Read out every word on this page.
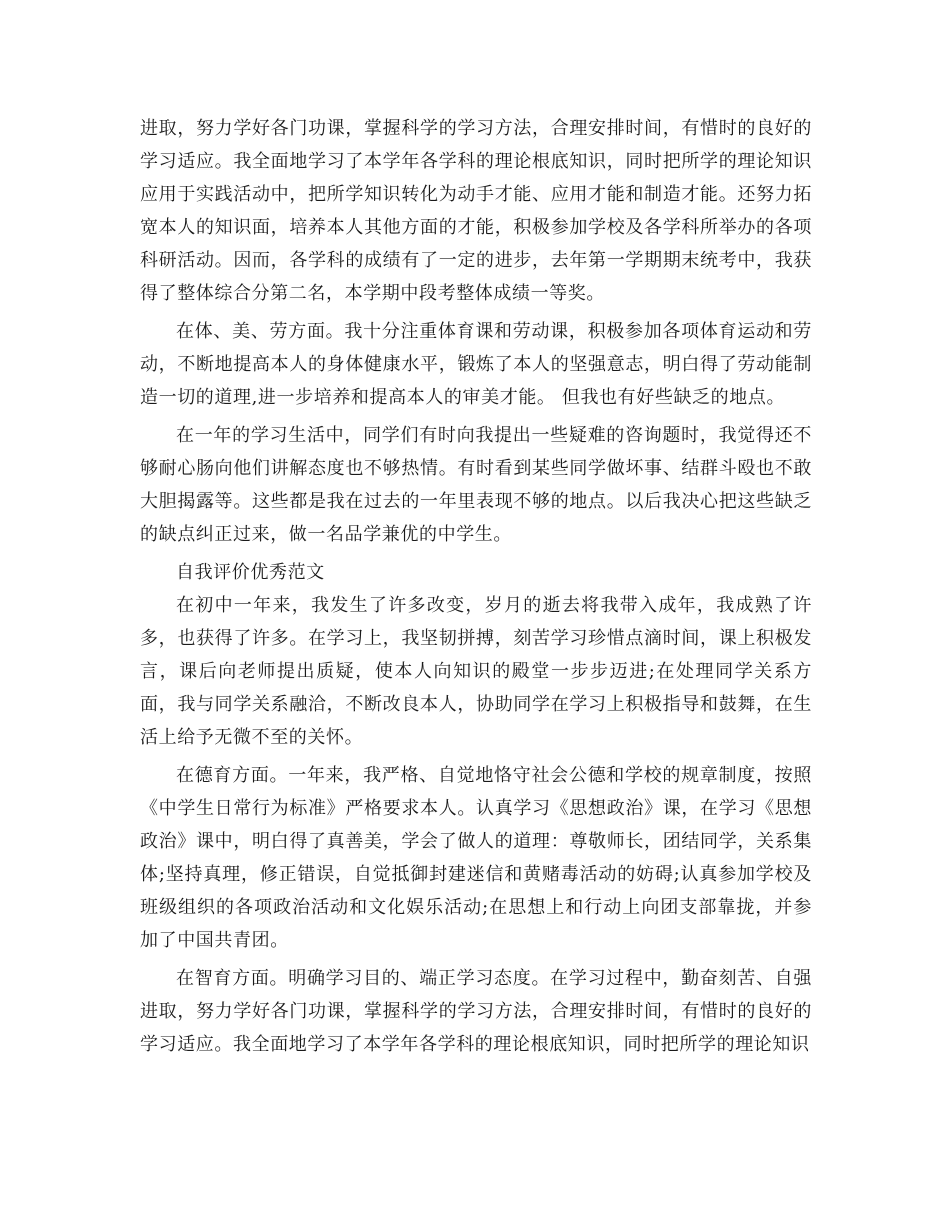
进取，努力学好各门功课，掌握科学的学习方法，合理安排时间，有惜时的良好的学习适应。我全面地学习了本学年各学科的理论根底知识，同时把所学的理论知识应用于实践活动中，把所学知识转化为动手才能、应用才能和制造才能。还努力拓宽本人的知识面，培养本人其他方面的才能，积极参加学校及各学科所举办的各项科研活动。因而，各学科的成绩有了一定的进步，去年第一学期期末统考中，我获得了整体综合分第二名，本学期中段考整体成绩一等奖。

在体、美、劳方面。我十分注重体育课和劳动课，积极参加各项体育运动和劳动，不断地提高本人的身体健康水平，锻炼了本人的坚强意志，明白得了劳动能制造一切的道理,进一步培养和提高本人的审美才能。 但我也有好些缺乏的地点。

在一年的学习生活中，同学们有时向我提出一些疑难的咨询题时，我觉得还不够耐心肠向他们讲解态度也不够热情。有时看到某些同学做坏事、结群斗殴也不敢大胆揭露等。这些都是我在过去的一年里表现不够的地点。以后我决心把这些缺乏的缺点纠正过来，做一名品学兼优的中学生。

自我评价优秀范文

在初中一年来，我发生了许多改变，岁月的逝去将我带入成年，我成熟了许多，也获得了许多。在学习上，我坚韧拼搏，刻苦学习珍惜点滴时间，课上积极发言，课后向老师提出质疑，使本人向知识的殿堂一步步迈进;在处理同学关系方面，我与同学关系融洽，不断改良本人，协助同学在学习上积极指导和鼓舞，在生活上给予无微不至的关怀。

在德育方面。一年来，我严格、自觉地恪守社会公德和学校的规章制度，按照《中学生日常行为标准》严格要求本人。认真学习《思想政治》课，在学习《思想政治》课中，明白得了真善美，学会了做人的道理：尊敬师长，团结同学，关系集体;坚持真理，修正错误，自觉抵御封建迷信和黄赌毒活动的妨碍;认真参加学校及班级组织的各项政治活动和文化娱乐活动;在思想上和行动上向团支部靠拢，并参加了中国共青团。

在智育方面。明确学习目的、端正学习态度。在学习过程中，勤奋刻苦、自强进取，努力学好各门功课，掌握科学的学习方法，合理安排时间，有惜时的良好的学习适应。我全面地学习了本学年各学科的理论根底知识，同时把所学的理论知识
